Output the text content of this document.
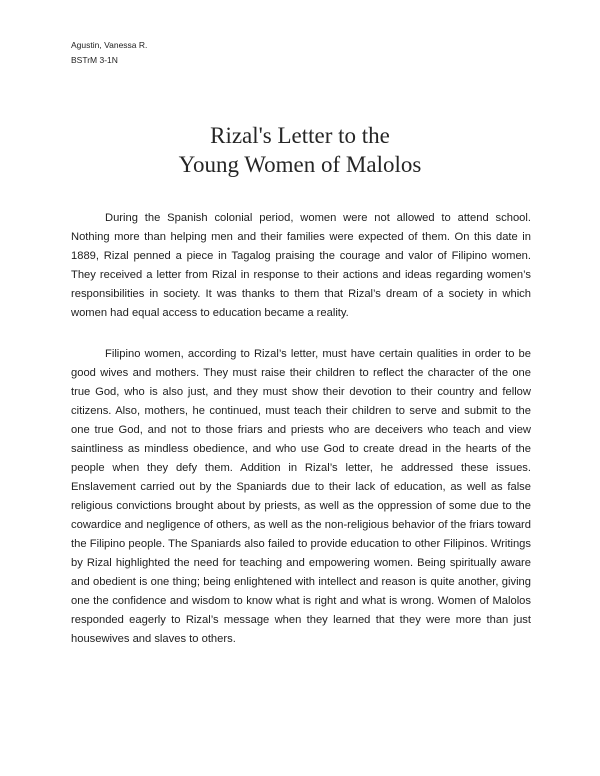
Agustin, Vanessa R.
BSTrM 3-1N
Rizal's Letter to the
Young Women of Malolos

During the Spanish colonial period, women were not allowed to attend school. Nothing more than helping men and their families were expected of them. On this date in 1889, Rizal penned a piece in Tagalog praising the courage and valor of Filipino women. They received a letter from Rizal in response to their actions and ideas regarding women’s responsibilities in society. It was thanks to them that Rizal’s dream of a society in which women had equal access to education became a reality.

Filipino women, according to Rizal’s letter, must have certain qualities in order to be good wives and mothers. They must raise their children to reflect the character of the one true God, who is also just, and they must show their devotion to their country and fellow citizens. Also, mothers, he continued, must teach their children to serve and submit to the one true God, and not to those friars and priests who are deceivers who teach and view saintliness as mindless obedience, and who use God to create dread in the hearts of the people when they defy them. Addition in Rizal’s letter, he addressed these issues. Enslavement carried out by the Spaniards due to their lack of education, as well as false religious convictions brought about by priests, as well as the oppression of some due to the cowardice and negligence of others, as well as the non-religious behavior of the friars toward the Filipino people. The Spaniards also failed to provide education to other Filipinos. Writings by Rizal highlighted the need for teaching and empowering women. Being spiritually aware and obedient is one thing; being enlightened with intellect and reason is quite another, giving one the confidence and wisdom to know what is right and what is wrong. Women of Malolos responded eagerly to Rizal’s message when they learned that they were more than just housewives and slaves to others.
